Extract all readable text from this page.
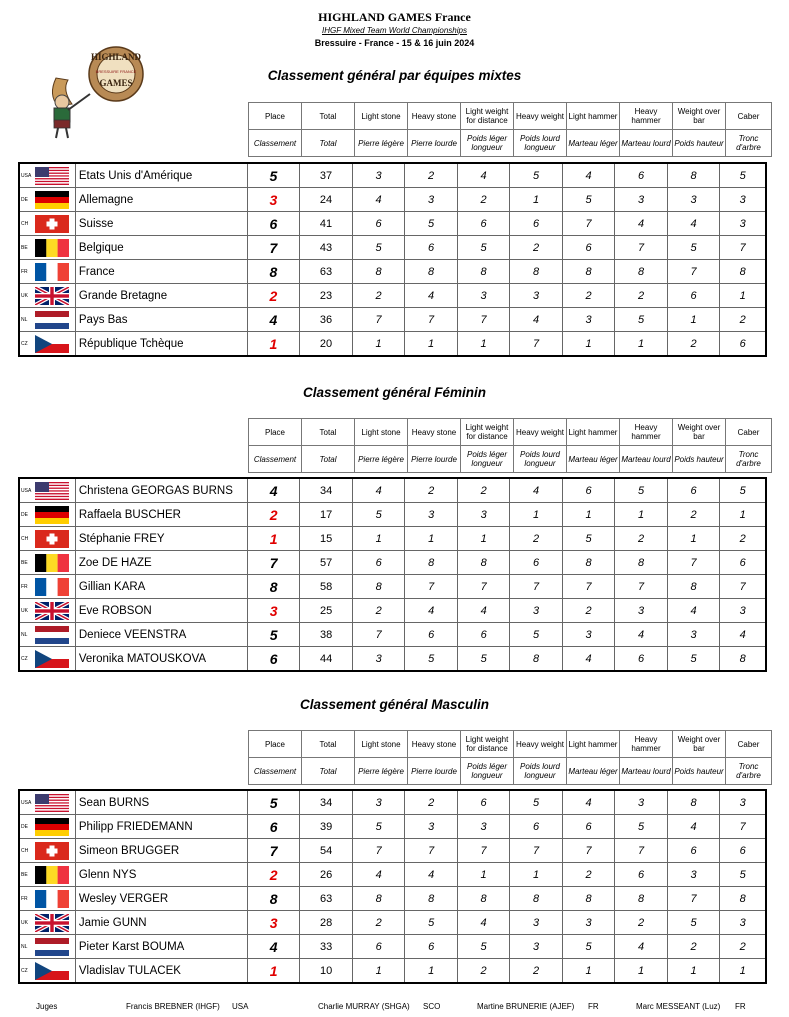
HIGHLAND GAMES France
IHGF Mixed Team World Championships
Bressuire - France - 15 & 16 juin 2024
HIGHLAND
BRESSUIRE FRANCE
GAMES	Classement général par équipes mixtes
Place	Total	Light stone	Heavy stone	Light weight for distance	Heavy weight	Light hammer	Heavy hammer	Weight over bar	Caber
Classement	Total	Pierre légère	Pierre lourde	Poids léger longueur	Poids lourd longueur	Marteau léger	Marteau lourd	Poids hauteur	Tronc d'arbre
USA		Etats Unis d'Amérique	5	37	3	2	4	5	4	6	8	5
DE		Allemagne	3	24	4	3	2	1	5	3	3	3
CH		Suisse	6	41	6	5	6	6	7	4	4	3
BE		Belgique	7	43	5	6	5	2	6	7	5	7
FR		France	8	63	8	8	8	8	8	8	7	8
UK		Grande Bretagne	2	23	2	4	3	3	2	2	6	1
NL		Pays Bas	4	36	7	7	7	4	3	5	1	2
CZ		République Tchèque	1	20	1	1	1	7	1	1	2	6
Classement général Féminin
Place	Total	Light stone	Heavy stone	Light weight for distance	Heavy weight	Light hammer	Heavy hammer	Weight over bar	Caber
Classement	Total	Pierre légère	Pierre lourde	Poids léger longueur	Poids lourd longueur	Marteau léger	Marteau lourd	Poids hauteur	Tronc d'arbre
USA		Christena GEORGAS BURNS	4	34	4	2	2	4	6	5	6	5
DE		Raffaela BUSCHER	2	17	5	3	3	1	1	1	2	1
CH		Stéphanie FREY	1	15	1	1	1	2	5	2	1	2
BE		Zoe DE HAZE	7	57	6	8	8	6	8	8	7	6
FR		Gillian KARA	8	58	8	7	7	7	7	7	8	7
UK		Eve ROBSON	3	25	2	4	4	3	2	3	4	3
NL		Deniece VEENSTRA	5	38	7	6	6	5	3	4	3	4
CZ		Veronika MATOUSKOVA	6	44	3	5	5	8	4	6	5	8
Classement général Masculin
Place	Total	Light stone	Heavy stone	Light weight for distance	Heavy weight	Light hammer	Heavy hammer	Weight over bar	Caber
Classement	Total	Pierre légère	Pierre lourde	Poids léger longueur	Poids lourd longueur	Marteau léger	Marteau lourd	Poids hauteur	Tronc d'arbre
USA		Sean BURNS	5	34	3	2	6	5	4	3	8	3
DE		Philipp FRIEDEMANN	6	39	5	3	3	6	6	5	4	7
CH		Simeon BRUGGER	7	54	7	7	7	7	7	7	6	6
BE		Glenn NYS	2	26	4	4	1	1	2	6	3	5
FR		Wesley VERGER	8	63	8	8	8	8	8	8	7	8
UK		Jamie GUNN	3	28	2	5	4	3	3	2	5	3
NL		Pieter Karst BOUMA	4	33	6	6	5	3	5	4	2	2
CZ		Vladislav TULACEK	1	10	1	1	2	2	1	1	1	1
Juges	Francis BREBNER (IHGF) USA	Charlie MURRAY (SHGA) SCO	Martine BRUNERIE (AJEF) FR	Marc MESSEANT (Luz) FR
